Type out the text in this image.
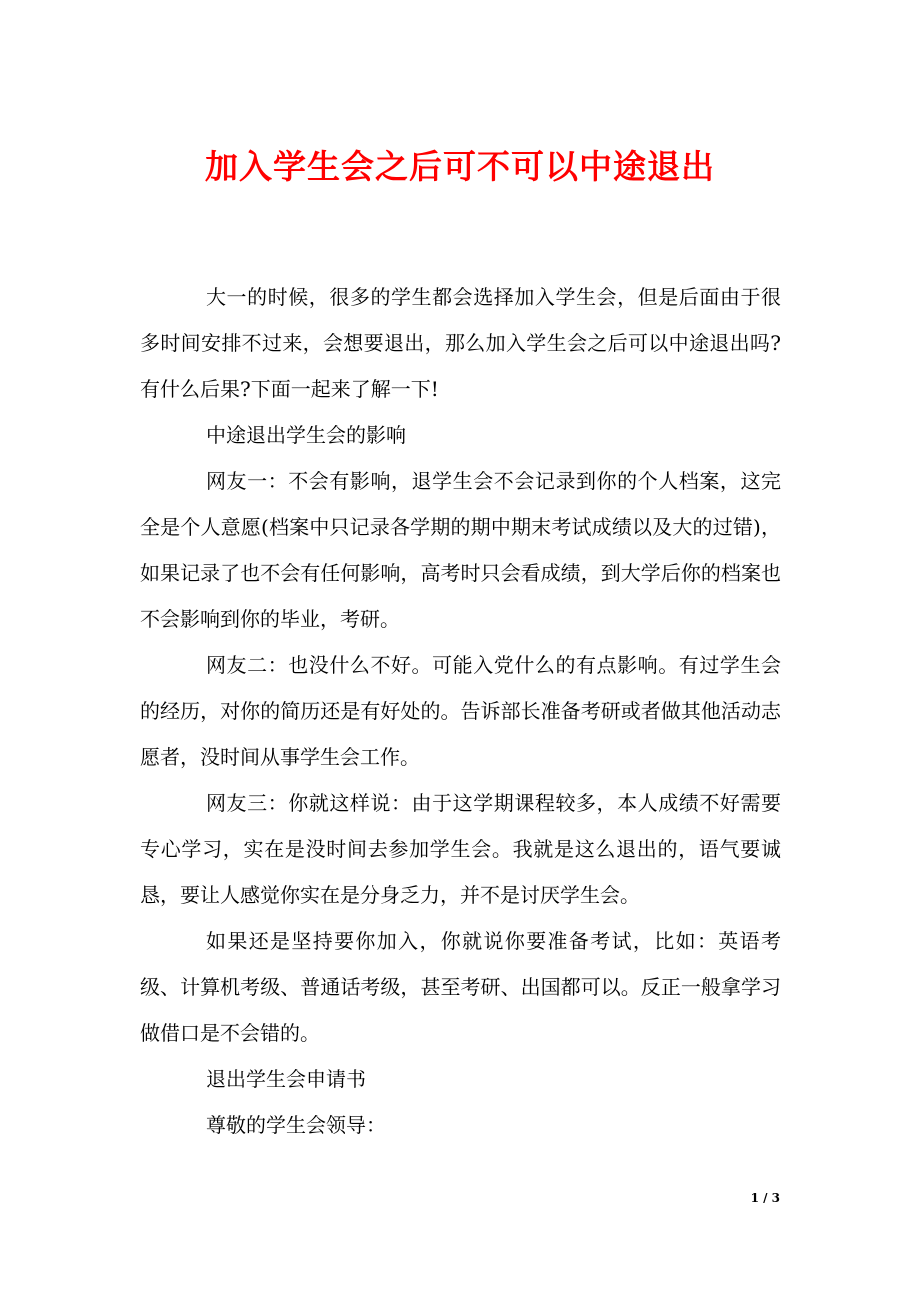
加入学生会之后可不可以中途退出

大一的时候，很多的学生都会选择加入学生会，但是后面由于很多时间安排不过来，会想要退出，那么加入学生会之后可以中途退出吗?有什么后果?下面一起来了解一下!

中途退出学生会的影响

网友一：不会有影响，退学生会不会记录到你的个人档案，这完全是个人意愿(档案中只记录各学期的期中期末考试成绩以及大的过错)，如果记录了也不会有任何影响，高考时只会看成绩，到大学后你的档案也不会影响到你的毕业，考研。

网友二：也没什么不好。可能入党什么的有点影响。有过学生会的经历，对你的简历还是有好处的。告诉部长准备考研或者做其他活动志愿者，没时间从事学生会工作。

网友三：你就这样说：由于这学期课程较多，本人成绩不好需要专心学习，实在是没时间去参加学生会。我就是这么退出的，语气要诚恳，要让人感觉你实在是分身乏力，并不是讨厌学生会。

如果还是坚持要你加入，你就说你要准备考试，比如：英语考级、计算机考级、普通话考级，甚至考研、出国都可以。反正一般拿学习做借口是不会错的。

退出学生会申请书

尊敬的学生会领导：

1 / 3
